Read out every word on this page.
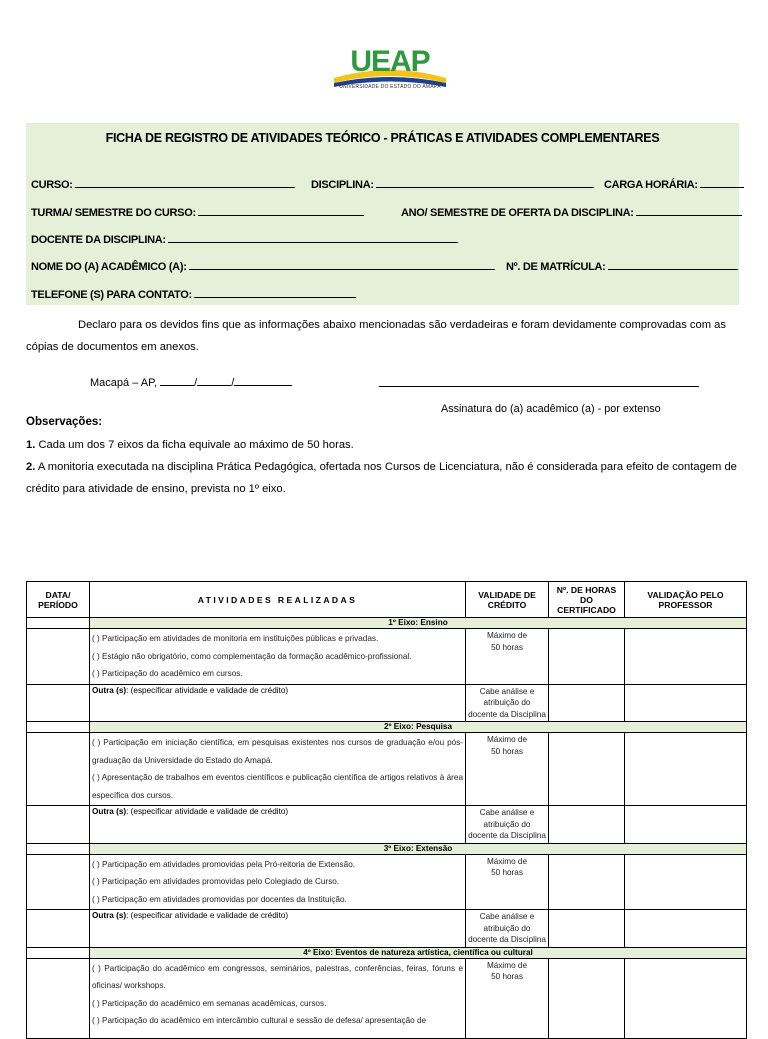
UEAP
UNIVERSIDADE DO ESTADO DO AMAPÁ
FICHA DE REGISTRO DE ATIVIDADES TEÓRICO - PRÁTICAS E ATIVIDADES COMPLEMENTARES
CURSO:	DISCIPLINA:	CARGA HORÁRIA:
TURMA/ SEMESTRE DO CURSO:	ANO/ SEMESTRE DE OFERTA DA DISCIPLINA:
DOCENTE DA DISCIPLINA:
NOME DO (A) ACADÊMICO (A):	Nº. DE MATRÍCULA:
TELEFONE (S) PARA CONTATO:
Declaro para os devidos fins que as informações abaixo mencionadas são verdadeiras e foram devidamente comprovadas com as cópias de documentos em anexos.
Macapá – AP,	/	/
Assinatura do (a) acadêmico (a) - por extenso
Observações:
1. Cada um dos 7 eixos da ficha equivale ao máximo de 50 horas.
2. A monitoria executada na disciplina Prática Pedagógica, ofertada nos Cursos de Licenciatura, não é considerada para efeito de contagem de crédito para atividade de ensino, prevista no 1º eixo.
DATA/ PERÍODO	ATIVIDADES REALIZADAS	VALIDADE DE CRÉDITO	Nº. DE HORAS DO CERTIFICADO	VALIDAÇÃO PELO PROFESSOR
	1º Eixo: Ensino			

	( ) Participação em atividades de monitoria em instituições públicas e privadas.
( ) Estágio não obrigatório, como complementação da formação acadêmico-profissional.
( ) Participação do acadêmico em cursos.	Máximo de 50 horas		

	Outra (s): (especificar atividade e validade de crédito)	Cabe análise e atribuição do docente da Disciplina		
	2º Eixo: Pesquisa			

	( ) Participação em iniciação científica, em pesquisas existentes nos cursos de graduação e/ou pós-graduação da Universidade do Estado do Amapá.
( ) Apresentação de trabalhos em eventos científicos e publicação científica de artigos relativos à área específica dos cursos.	Máximo de 50 horas		

	Outra (s): (especificar atividade e validade de crédito)	Cabe análise e atribuição do docente da Disciplina		
	3º Eixo: Extensão			

	( ) Participação em atividades promovidas pela Pró-reitoria de Extensão.
( ) Participação em atividades promovidas pelo Colegiado de Curso.
( ) Participação em atividades promovidas por docentes da Instituição.	Máximo de 50 horas		

	Outra (s): (especificar atividade e validade de crédito)	Cabe análise e atribuição do docente da Disciplina		
	4º Eixo: Eventos de natureza artística, científica ou cultural			

	( ) Participação do acadêmico em congressos, seminários, palestras, conferências, feiras, fóruns e oficinas/ workshops.
( ) Participação do acadêmico em semanas acadêmicas, cursos.
( ) Participação do acadêmico em intercâmbio cultural e sessão de defesa/ apresentação de	Máximo de 50 horas		
